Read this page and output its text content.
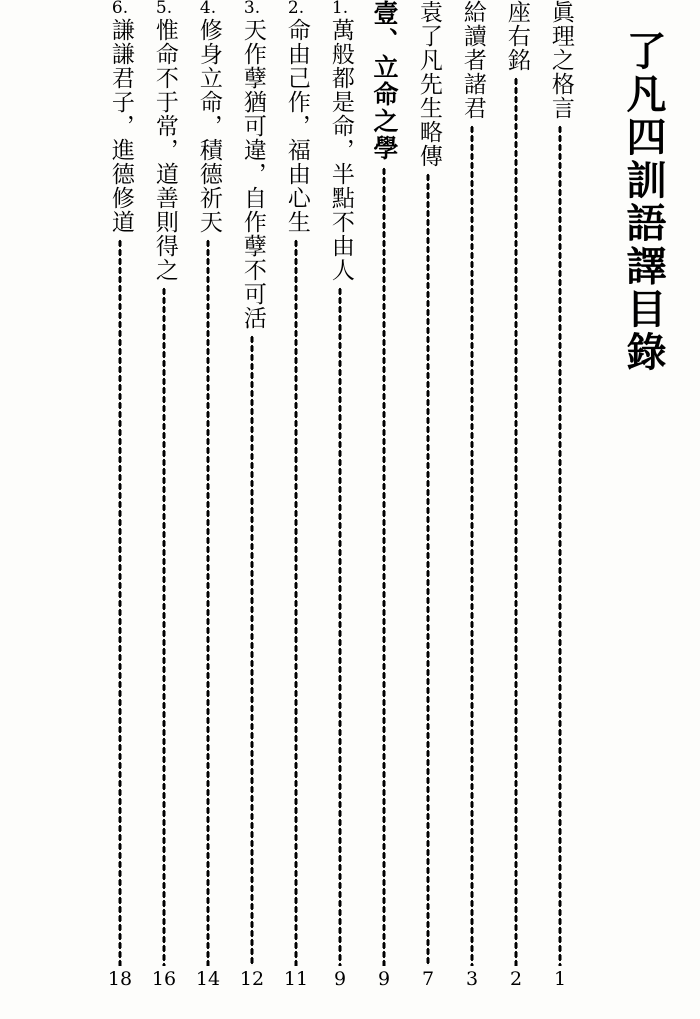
了凡四訓語譯目錄
眞理之格言
1
座右銘
2
給讀者諸君
3
袁了凡先生略傳
7
壹、立命之學
9
1.
萬般都是命，半點不由人
9
2.
命由己作，福由心生
11
3.
天作孽猶可違，自作孽不可活
12
4.
修身立命，積德祈天
14
5.
惟命不于常，道善則得之
16
6.
謙謙君子，進德修道
18
